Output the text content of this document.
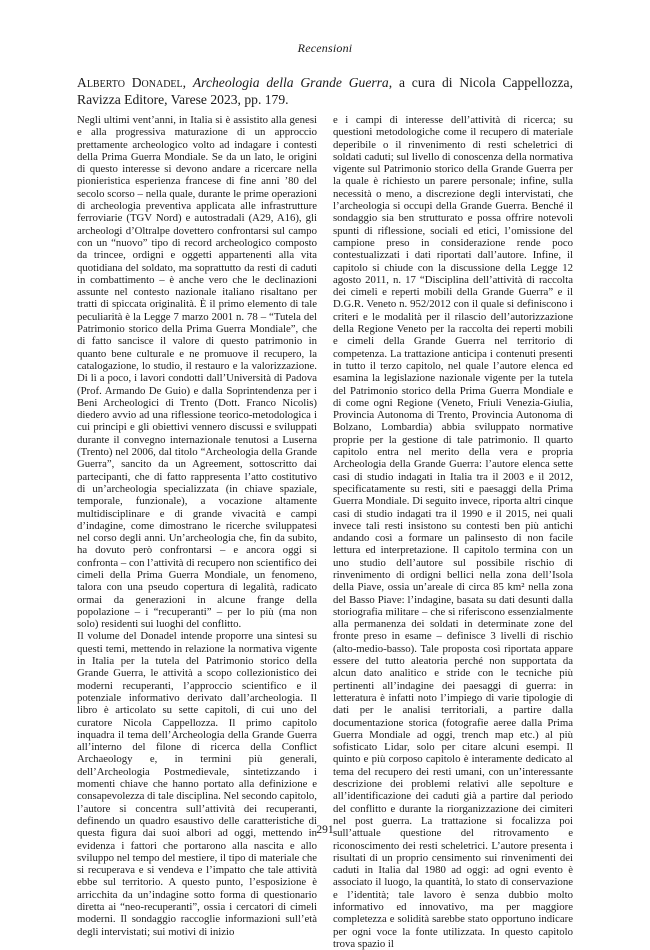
Recensioni
Alberto Donadel, Archeologia della Grande Guerra, a cura di Nicola Cappellozza, Ravizza Editore, Varese 2023, pp. 179.

Negli ultimi vent’anni, in Italia si è assistito alla genesi e alla progressiva maturazione di un approccio prettamente archeologico volto ad indagare i contesti della Prima Guerra Mondiale. Se da un lato, le origini di questo interesse si devono andare a ricercare nella pionieristica esperienza francese di fine anni ’80 del secolo scorso – nella quale, durante le prime operazioni di archeologia preventiva applicata alle infrastrutture ferroviarie (TGV Nord) e autostradali (A29, A16), gli archeologi d’Oltralpe dovettero confrontarsi sul campo con un “nuovo” tipo di record archeologico composto da trincee, ordigni e oggetti appartenenti alla vita quotidiana del soldato, ma soprattutto da resti di caduti in combattimento – è anche vero che le declinazioni assunte nel contesto nazionale italiano risaltano per tratti di spiccata originalità. È il primo elemento di tale peculiarità è la Legge 7 marzo 2001 n. 78 – “Tutela del Patrimonio storico della Prima Guerra Mondiale”, che di fatto sancisce il valore di questo patrimonio in quanto bene culturale e ne promuove il recupero, la catalogazione, lo studio, il restauro e la valorizzazione. Di lì a poco, i lavori condotti dall’Università di Padova (Prof. Armando De Guio) e dalla Soprintendenza per i Beni Archeologici di Trento (Dott. Franco Nicolis) diedero avvio ad una riflessione teorico-metodologica i cui principi e gli obiettivi vennero discussi e sviluppati durante il convegno internazionale tenutosi a Luserna (Trento) nel 2006, dal titolo “Archeologia della Grande Guerra”, sancito da un Agreement, sottoscritto dai partecipanti, che di fatto rappresenta l’atto costitutivo di un’archeologia specializzata (in chiave spaziale, temporale, funzionale), a vocazione altamente multidisciplinare e di grande vivacità e campi d’indagine, come dimostrano le ricerche sviluppatesi nel corso degli anni. Un’archeologia che, fin da subito, ha dovuto però confrontarsi – e ancora oggi si confronta – con l’attività di recupero non scientifico dei cimeli della Prima Guerra Mondiale, un fenomeno, talora con una pseudo copertura di legalità, radicato ormai da generazioni in alcune frange della popolazione – i “recuperanti” – per lo più (ma non solo) residenti sui luoghi del conflitto.

Il volume del Donadel intende proporre una sintesi su questi temi, mettendo in relazione la normativa vigente in Italia per la tutela del Patrimonio storico della Grande Guerra, le attività a scopo collezionistico dei moderni recuperanti, l’approccio scientifico e il potenziale informativo derivato dall’archeologia. Il libro è articolato su sette capitoli, di cui uno del curatore Nicola Cappellozza. Il primo capitolo inquadra il tema dell’Archeologia della Grande Guerra all’interno del filone di ricerca della Conflict Archaeology e, in termini più generali, dell’Archeologia Postmedievale, sintetizzando i momenti chiave che hanno portato alla definizione e consapevolezza di tale disciplina. Nel secondo capitolo, l’autore si concentra sull’attività dei recuperanti, definendo un quadro esaustivo delle caratteristiche di questa figura dai suoi albori ad oggi, mettendo in evidenza i fattori che portarono alla nascita e allo sviluppo nel tempo del mestiere, il tipo di materiale che si recuperava e si vendeva e l’impatto che tale attività ebbe sul territorio. A questo punto, l’esposizione è arricchita da un’indagine sotto forma di questionario diretta ai “neo-recuperanti”, ossia i cercatori di cimeli moderni. Il sondaggio raccoglie informazioni sull’età degli intervistati; sui motivi di inizio

e i campi di interesse dell’attività di ricerca; su questioni metodologiche come il recupero di materiale deperibile o il rinvenimento di resti scheletrici di soldati caduti; sul livello di conoscenza della normativa vigente sul Patrimonio storico della Grande Guerra per la quale è richiesto un parere personale; infine, sulla necessità o meno, a discrezione degli intervistati, che l’archeologia si occupi della Grande Guerra. Benché il sondaggio sia ben strutturato e possa offrire notevoli spunti di riflessione, sociali ed etici, l’omissione del campione preso in considerazione rende poco contestualizzati i dati riportati dall’autore. Infine, il capitolo si chiude con la discussione della Legge 12 agosto 2011, n. 17 “Disciplina dell’attività di raccolta dei cimeli e reperti mobili della Grande Guerra” e il D.G.R. Veneto n. 952/2012 con il quale si definiscono i criteri e le modalità per il rilascio dell’autorizzazione della Regione Veneto per la raccolta dei reperti mobili e cimeli della Grande Guerra nel territorio di competenza. La trattazione anticipa i contenuti presenti in tutto il terzo capitolo, nel quale l’autore elenca ed esamina la legislazione nazionale vigente per la tutela del Patrimonio storico della Prima Guerra Mondiale e di come ogni Regione (Veneto, Friuli Venezia-Giulia, Provincia Autonoma di Trento, Provincia Autonoma di Bolzano, Lombardia) abbia sviluppato normative proprie per la gestione di tale patrimonio. Il quarto capitolo entra nel merito della vera e propria Archeologia della Grande Guerra: l’autore elenca sette casi di studio indagati in Italia tra il 2003 e il 2012, specificatamente su resti, siti e paesaggi della Prima Guerra Mondiale. Di seguito invece, riporta altri cinque casi di studio indagati tra il 1990 e il 2015, nei quali invece tali resti insistono su contesti ben più antichi andando così a formare un palinsesto di non facile lettura ed interpretazione. Il capitolo termina con un uno studio dell’autore sul possibile rischio di rinvenimento di ordigni bellici nella zona dell’Isola della Piave, ossia un’areale di circa 85 km² nella zona del Basso Piave: l’indagine, basata su dati desunti dalla storiografia militare – che si riferiscono essenzialmente alla permanenza dei soldati in determinate zone del fronte preso in esame – definisce 3 livelli di rischio (alto-medio-basso). Tale proposta così riportata appare essere del tutto aleatoria perché non supportata da alcun dato analitico e stride con le tecniche più pertinenti all’indagine dei paesaggi di guerra: in letteratura è infatti noto l’impiego di varie tipologie di dati per le analisi territoriali, a partire dalla documentazione storica (fotografie aeree dalla Prima Guerra Mondiale ad oggi, trench map etc.) al più sofisticato Lidar, solo per citare alcuni esempi. Il quinto e più corposo capitolo è interamente dedicato al tema del recupero dei resti umani, con un’interessante descrizione dei problemi relativi alle sepolture e all’identificazione dei caduti già a partire dal periodo del conflitto e durante la riorganizzazione dei cimiteri nel post guerra. La trattazione si focalizza poi sull’attuale questione del ritrovamento e riconoscimento dei resti scheletrici. L’autore presenta i risultati di un proprio censimento sui rinvenimenti dei caduti in Italia dal 1980 ad oggi: ad ogni evento è associato il luogo, la quantità, lo stato di conservazione e l’identità; tale lavoro è senza dubbio molto informativo ed innovativo, ma per maggiore completezza e solidità sarebbe stato opportuno indicare per ogni voce la fonte utilizzata. In questo capitolo trova spazio il

291
